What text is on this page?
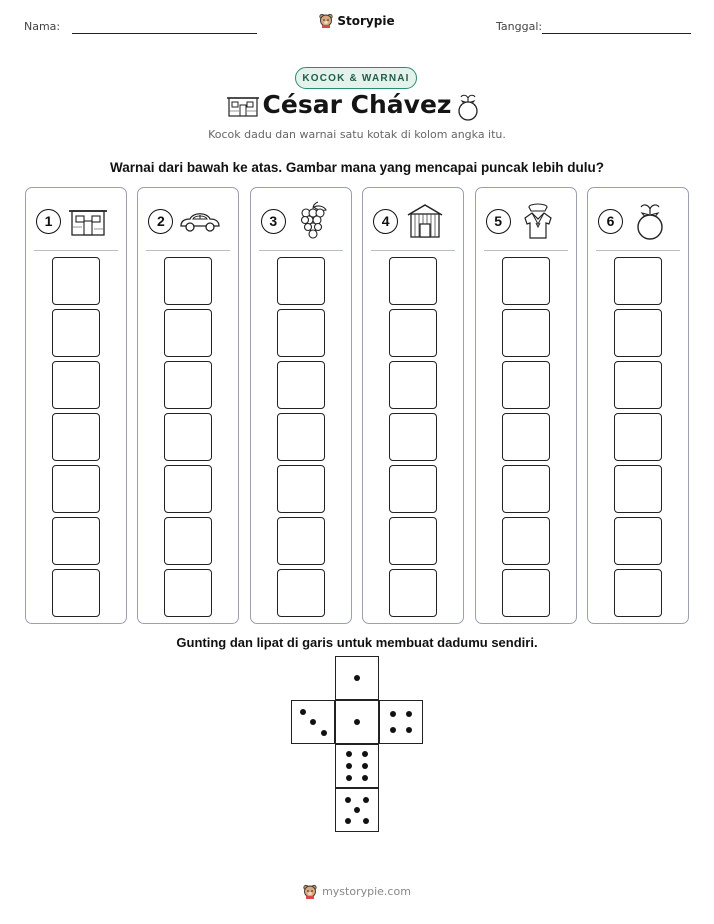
Nama:	Storypie	Tanggal:
KOCOK & WARNAI
César Chávez
Kocok dadu dan warnai satu kotak di kolom angka itu.
Warnai dari bawah ke atas. Gambar mana yang mencapai puncak lebih dulu?
1	2	3	4	5	6
Gunting dan lipat di garis untuk membuat dadumu sendiri.
mystorypie.com
